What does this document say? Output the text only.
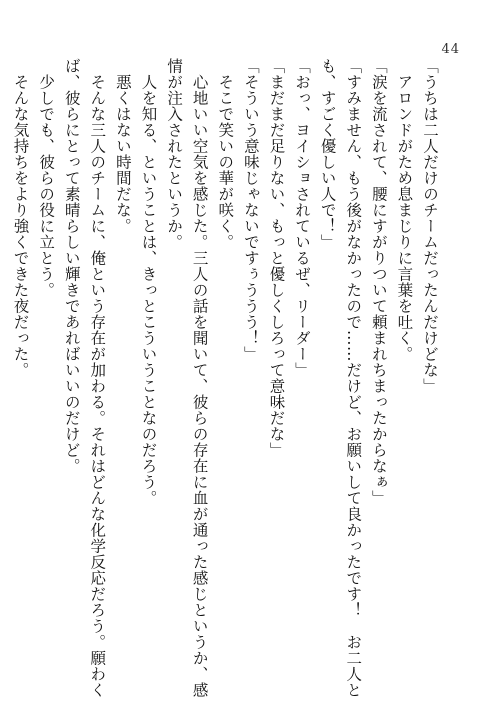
44
「うちは二人だけのチームだったんだけどな」
　アロンドがため息まじりに言葉を吐く。
「涙を流されて、腰にすがりついて頼まれちまったからなぁ」
「すみません、もう後がなかったので……だけど、お願いして良かったです！　お二人と
も、すごく優しい人で！」
「おっ、ヨイショされているぜ、リーダー」
「まだまだ足りない、もっと優しくしろって意味だな」
「そういう意味じゃないですぅううう！」
　そこで笑いの華が咲く。
　心地いい空気を感じた。三人の話を聞いて、彼らの存在に血が通った感じというか、感
情が注入されたというか。
　人を知る、ということは、きっとこういうことなのだろう。
　悪くはない時間だな。
　そんな三人のチームに、俺という存在が加わる。それはどんな化学反応だろう。願わく
ば、彼らにとって素晴らしい輝きであればいいのだけど。
　少しでも、彼らの役に立とう。
　そんな気持ちをより強くできた夜だった。
